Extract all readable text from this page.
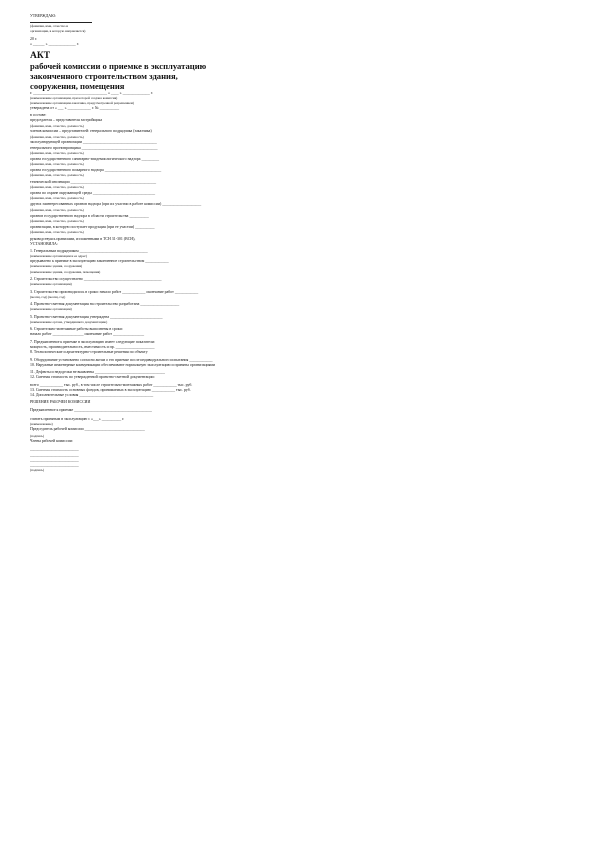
УТВЕРЖДАЮ:
(фамилия, имя, отчество и
организация, в которую направляется)
20 г.
« ______ » ______________ г.
АКТ
рабочей комиссии о приемке в эксплуатацию
законченного строительством здания,
сооружения, помещения
г. ______________________________________ « ____ » ______________ г.
(наименование организации, при которой создана комиссия)
(наименование организации-заказчика, предусмотренной разрешением)
утверждена от « ___ » ____________ г. № __________
в составе:
председателя – представителя застройщика
(фамилия, имя, отчество, должность)
членов комиссии – представителей: генерального подрядчика (заказчика)
(фамилия, имя, отчество, должность)
эксплуатирующей организации ______________________________________
генерального проектировщика _______________________________________
(фамилия, имя, отчество, должность)
органа государственного санитарно-эпидемиологического надзора _________
(фамилия, имя, отчество, должность)
органа государственного пожарного надзора _____________________________
(фамилия, имя, отчество, должность)
технической инспекции ____________________________________________
(фамилия, имя, отчество, должность)
органа по охране окружающей среды ________________________________
(фамилия, имя, отчество, должность)
других заинтересованных органов надзора (при их участии в работе комиссии) ____________________
(фамилия, имя, отчество, должность)
органов государственного надзора в области строительства __________
(фамилия, имя, отчество, должность)
организации, в которую поступает продукция (при ее участии) __________
(фамилия, имя, отчество, должность)
руководствуясь правилами, изложенными в ТСН 31-301 (ВСН),
УСТАНОВИЛА:
1. Генеральным подрядчиком ___________________________________
(наименование организации и ее адрес)
предъявлено к приемке в эксплуатацию законченное строительством ____________
(наименование здания, сооружения)
(наименование здания, сооружения, помещения)
2. Строительство осуществлено ________________________________________
(наименование организации)
3. Строительство производилось в сроки: начало работ ____________ окончание работ ____________
(месяц, год) (месяц, год)
4. Проектно-сметная документация на строительство разработана ____________________
(наименование организации)
5. Проектно-сметная документация утверждена ___________________________
(наименование органа, утвердившего документацию)
6. Строительно-монтажные работы выполнены в сроки:
начало работ ________________ окончание работ ________________
7. Предъявленное к приемке в эксплуатацию имеет следующие показатели:
мощность, производительность, вместимость и пр. ____________________
8. Технологические и архитектурно-строительные решения по объекту
9. Оборудование установлено согласно актам о его приемке после индивидуального испытания ____________
10. Наружные инженерные коммуникации обеспечивают нормальную эксплуатацию и приняты организациями
11. Дефекты и недоделки не выявлены ____________________________________
12. Сметная стоимость по утвержденной проектно-сметной документации:
всего ____________ тыс. руб., в том числе строительно-монтажных работ ____________ тыс. руб.
13. Сметная стоимость основных фондов, принимаемых в эксплуатацию ____________ тыс. руб.
14. Дополнительные условия ______________________________________
РЕШЕНИЕ РАБОЧЕЙ КОМИССИИ
Предъявленное к приемке ________________________________________
считать принятым в эксплуатацию с «___» __________ г.
(наименование)
Председатель рабочей комиссии _______________________________
(подпись)
Члены рабочей комиссии:
_________________________
_________________________
_________________________
_________________________
(подпись)
